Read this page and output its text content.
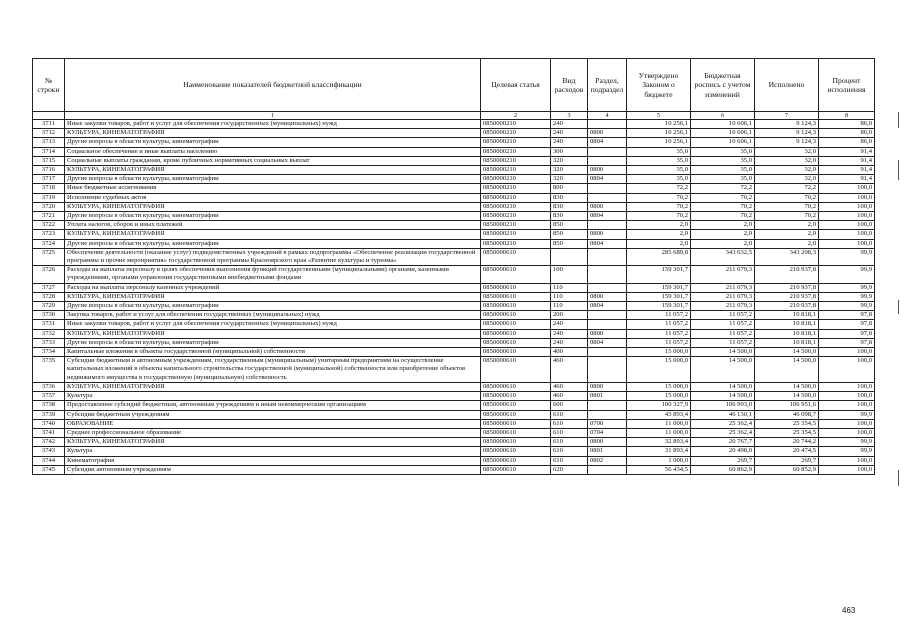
№ строки	Наименование показателей бюджетной классификации	Целевая статья	Вид расходов	Раздел, подраздел	Утверждено Законом о бюджете	Бюджетная роспись с учетом изменений	Исполнено	Процент исполнения
	1	2	3	4	5	6	7	8
3711	Иные закупки товаров, работ и услуг для обеспечения государственных (муниципальных) нужд	0850000210	240		10 256,1	10 606,1	9 124,3	86,0
3712	КУЛЬТУРА, КИНЕМАТОГРАФИЯ	0850000210	240	0800	10 256,1	10 606,1	9 124,3	86,0
3713	Другие вопросы в области культуры, кинематографии	0850000210	240	0804	10 256,1	10 606,1	9 124,3	86,0
3714	Социальное обеспечение и иные выплаты населению	0850000210	300		35,0	35,0	32,0	91,4
3715	Социальные выплаты гражданам, кроме публичных нормативных социальных выплат	0850000210	320		35,0	35,0	32,0	91,4
3716	КУЛЬТУРА, КИНЕМАТОГРАФИЯ	0850000210	320	0800	35,0	35,0	32,0	91,4
3717	Другие вопросы в области культуры, кинематографии	0850000210	320	0804	35,0	35,0	32,0	91,4
3718	Иные бюджетные ассигнования	0850000210	800		72,2	72,2	72,2	100,0
3719	Исполнение судебных актов	0850000210	830		70,2	70,2	70,2	100,0
3720	КУЛЬТУРА, КИНЕМАТОГРАФИЯ	0850000210	830	0800	70,2	70,2	70,2	100,0
3721	Другие вопросы в области культуры, кинематографии	0850000210	830	0804	70,2	70,2	70,2	100,0
3722	Уплата налогов, сборов и иных платежей	0850000210	850		2,0	2,0	2,0	100,0
3723	КУЛЬТУРА, КИНЕМАТОГРАФИЯ	0850000210	850	0800	2,0	2,0	2,0	100,0
3724	Другие вопросы в области культуры, кинематографии	0850000210	850	0804	2,0	2,0	2,0	100,0
3725	Обеспечение деятельности (оказание услуг) подведомственных учреждений в рамках подпрограммы «Обеспечение реализации государственной программы и прочие мероприятия» государственной программы Красноярского края «Развитие культуры и туризма»	0850000610			285 689,8	343 632,5	343 208,3	99,9
3726	Расходы на выплаты персоналу в целях обеспечения выполнения функций государственными (муниципальными) органами, казенными учреждениями, органами управления государственными внебюджетными фондами	0850000610	100		159 301,7	211 079,3	210 937,8	99,9
3727	Расходы на выплаты персоналу казенных учреждений	0850000610	110		159 301,7	211 079,3	210 937,8	99,9
3728	КУЛЬТУРА, КИНЕМАТОГРАФИЯ	0850000610	110	0800	159 301,7	211 079,3	210 937,8	99,9
3729	Другие вопросы в области культуры, кинематографии	0850000610	110	0804	159 301,7	211 079,3	210 937,8	99,9
3730	Закупка товаров, работ и услуг для обеспечения государственных (муниципальных) нужд	0850000610	200		11 057,2	11 057,2	10 818,1	97,8
3731	Иные закупки товаров, работ и услуг для обеспечения государственных (муниципальных) нужд	0850000610	240		11 057,2	11 057,2	10 818,1	97,8
3732	КУЛЬТУРА, КИНЕМАТОГРАФИЯ	0850000610	240	0800	11 057,2	11 057,2	10 818,1	97,8
3733	Другие вопросы в области культуры, кинематографии	0850000610	240	0804	11 057,2	11 057,2	10 818,1	97,8
3734	Капитальные вложения в объекты государственной (муниципальной) собственности	0850000610	400		15 000,0	14 500,0	14 500,0	100,0
3735	Субсидии бюджетным и автономным учреждениям, государственным (муниципальным) унитарным предприятиям на осуществление капитальных вложений в объекты капитального строительства государственной (муниципальной) собственности или приобретение объектов недвижимого имущества в государственную (муниципальную) собственность	0850000610	460		15 000,0	14 500,0	14 500,0	100,0
3736	КУЛЬТУРА, КИНЕМАТОГРАФИЯ	0850000610	460	0800	15 000,0	14 500,0	14 500,0	100,0
3737	Культура	0850000610	460	0801	15 000,0	14 500,0	14 500,0	100,0
3738	Предоставление субсидий бюджетным, автономным учреждениям и иным некоммерческим организациям	0850000610	600		100 327,9	106 993,0	106 951,6	100,0
3739	Субсидии бюджетным учреждениям	0850000610	610		43 893,4	46 130,1	46 098,7	99,9
3740	ОБРАЗОВАНИЕ	0850000610	610	0700	11 000,0	25 362,4	25 354,5	100,0
3741	Среднее профессиональное образование	0850000610	610	0704	11 000,0	25 362,4	25 354,5	100,0
3742	КУЛЬТУРА, КИНЕМАТОГРАФИЯ	0850000610	610	0800	32 893,4	20 767,7	20 744,2	99,9
3743	Культура	0850000610	610	0801	31 893,4	20 498,0	20 474,5	99,9
3744	Кинематография	0850000610	610	0802	1 000,0	269,7	269,7	100,0
3745	Субсидии автономным учреждениям	0850000610	620		56 434,5	60 862,9	60 852,9	100,0
463
